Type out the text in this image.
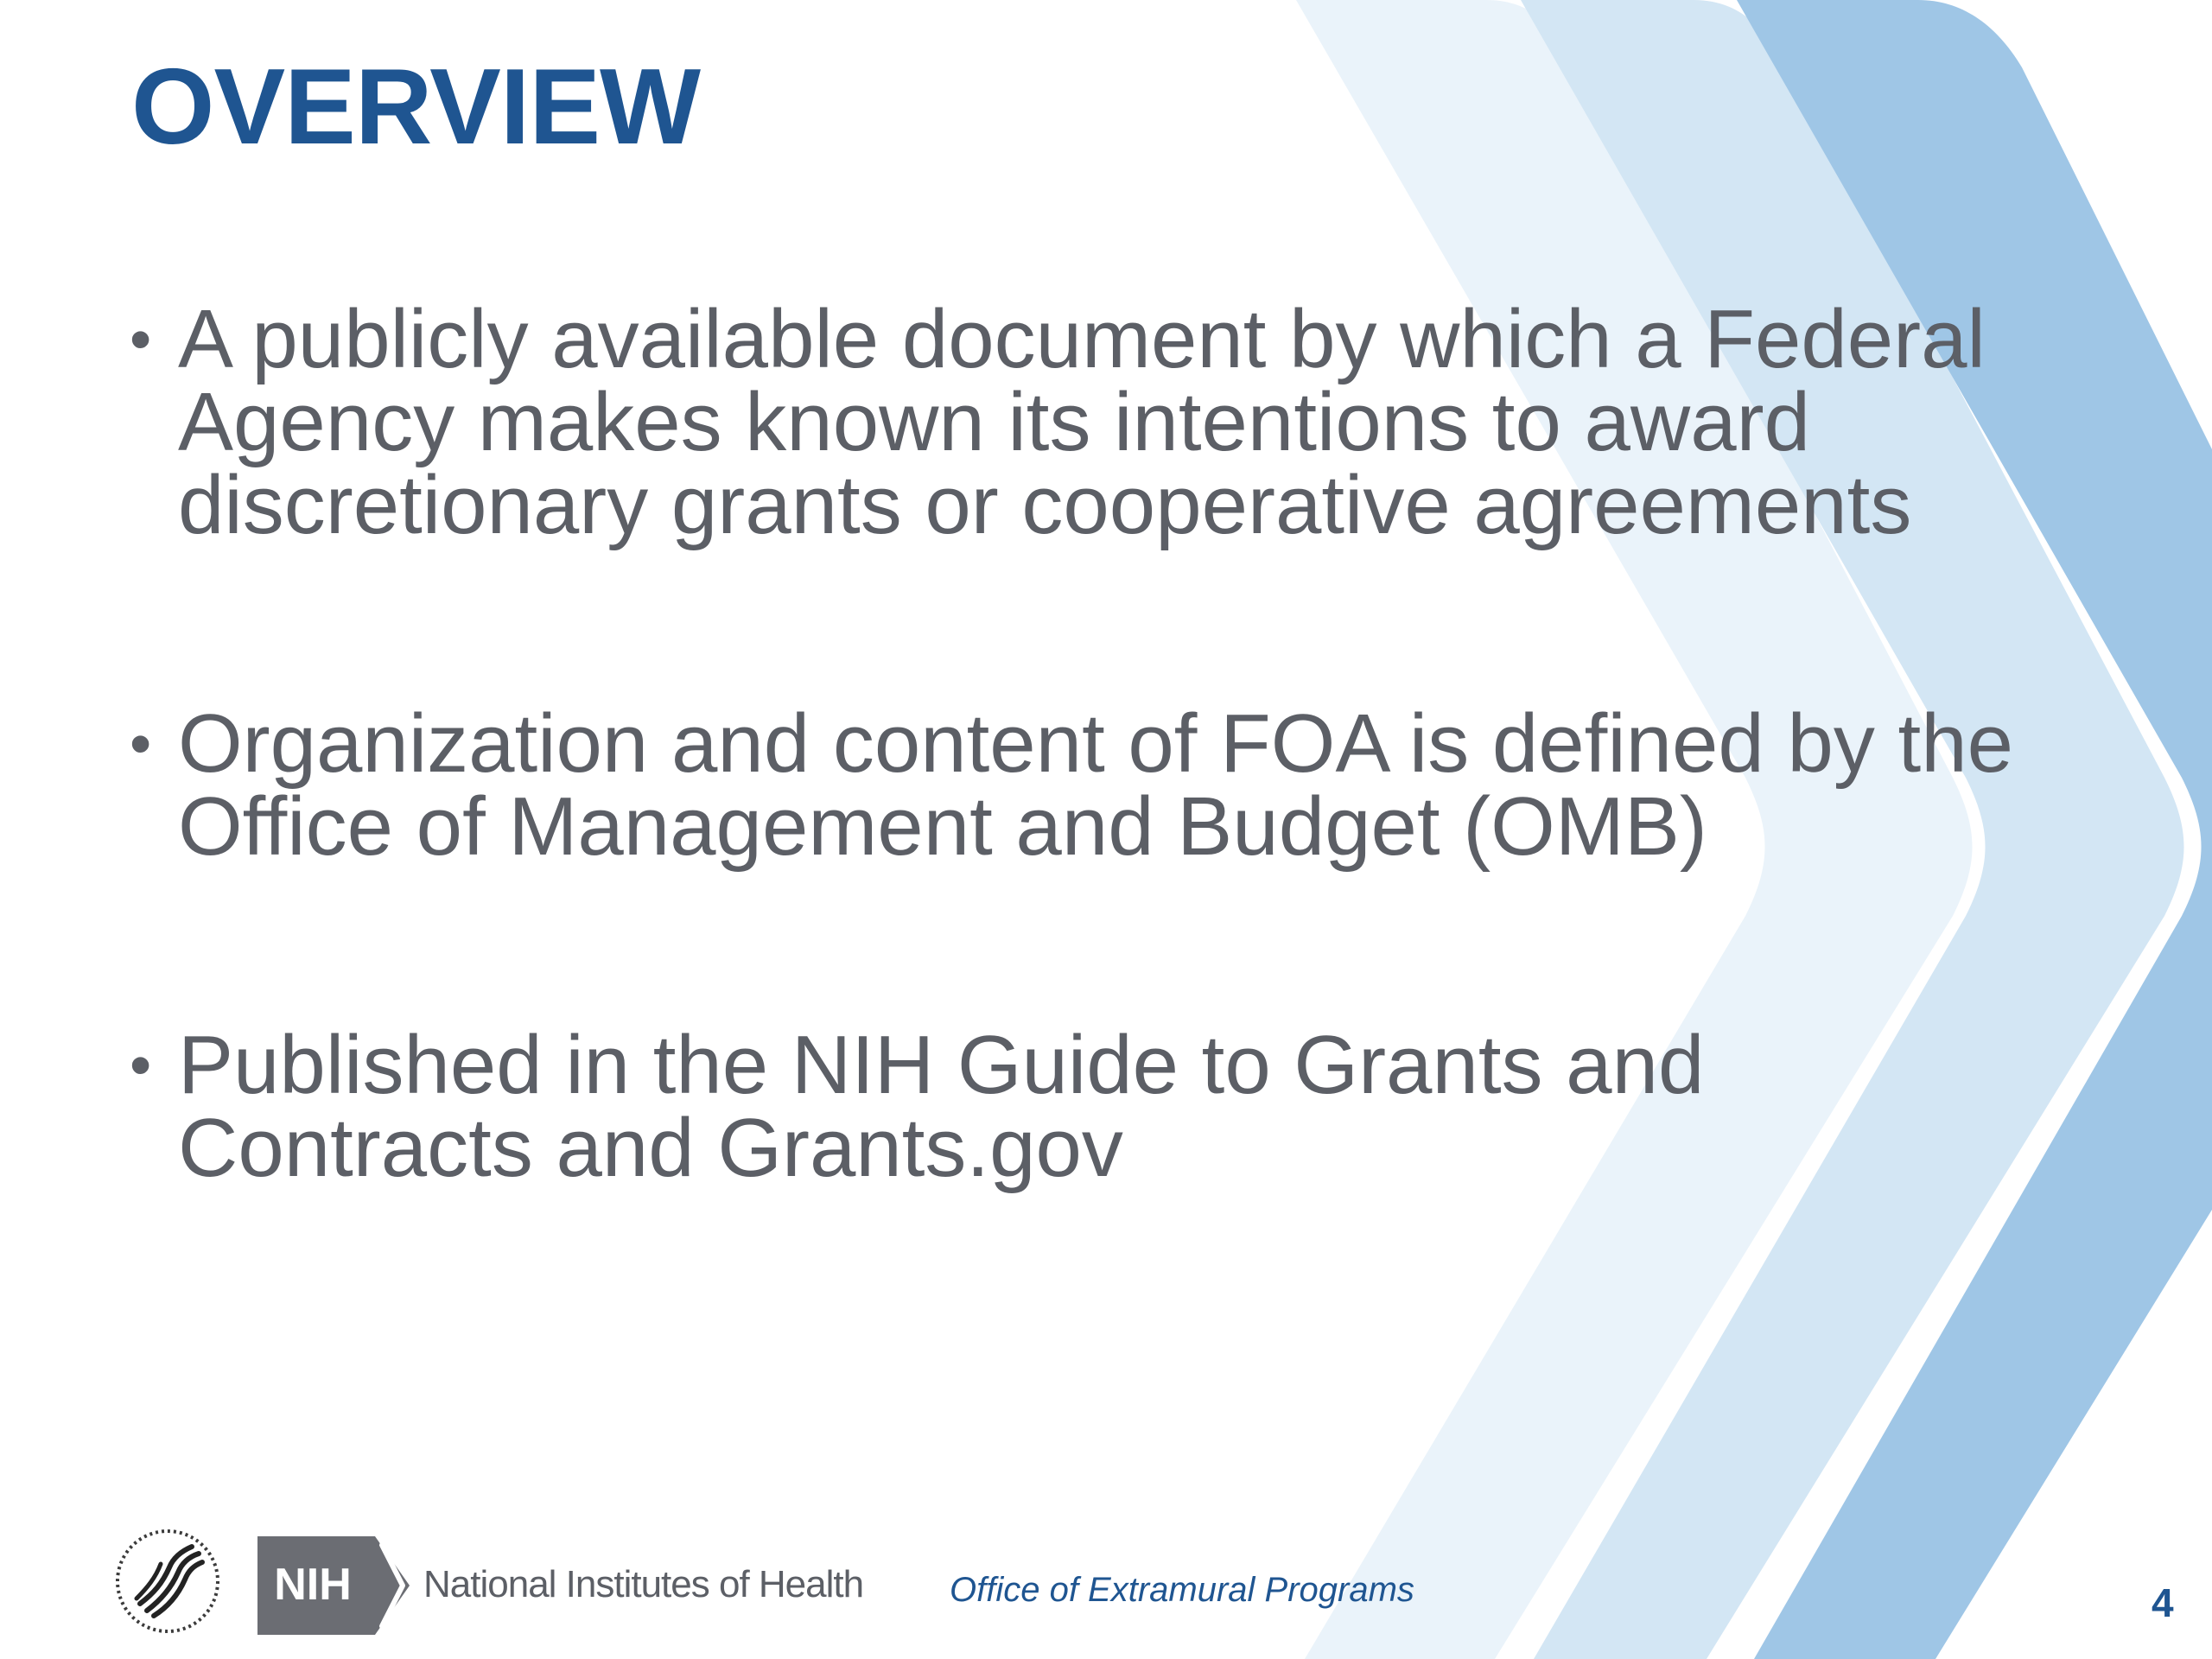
OVERVIEW
• A publicly available document by which a Federal
Agency makes known its intentions to award
discretionary grants or cooperative agreements
• Organization and content of FOA is defined by the
Office of Management and Budget (OMB)
• Published in the NIH Guide to Grants and
Contracts and Grants.gov
NIH National Institutes of Health Office of Extramural Programs	4
